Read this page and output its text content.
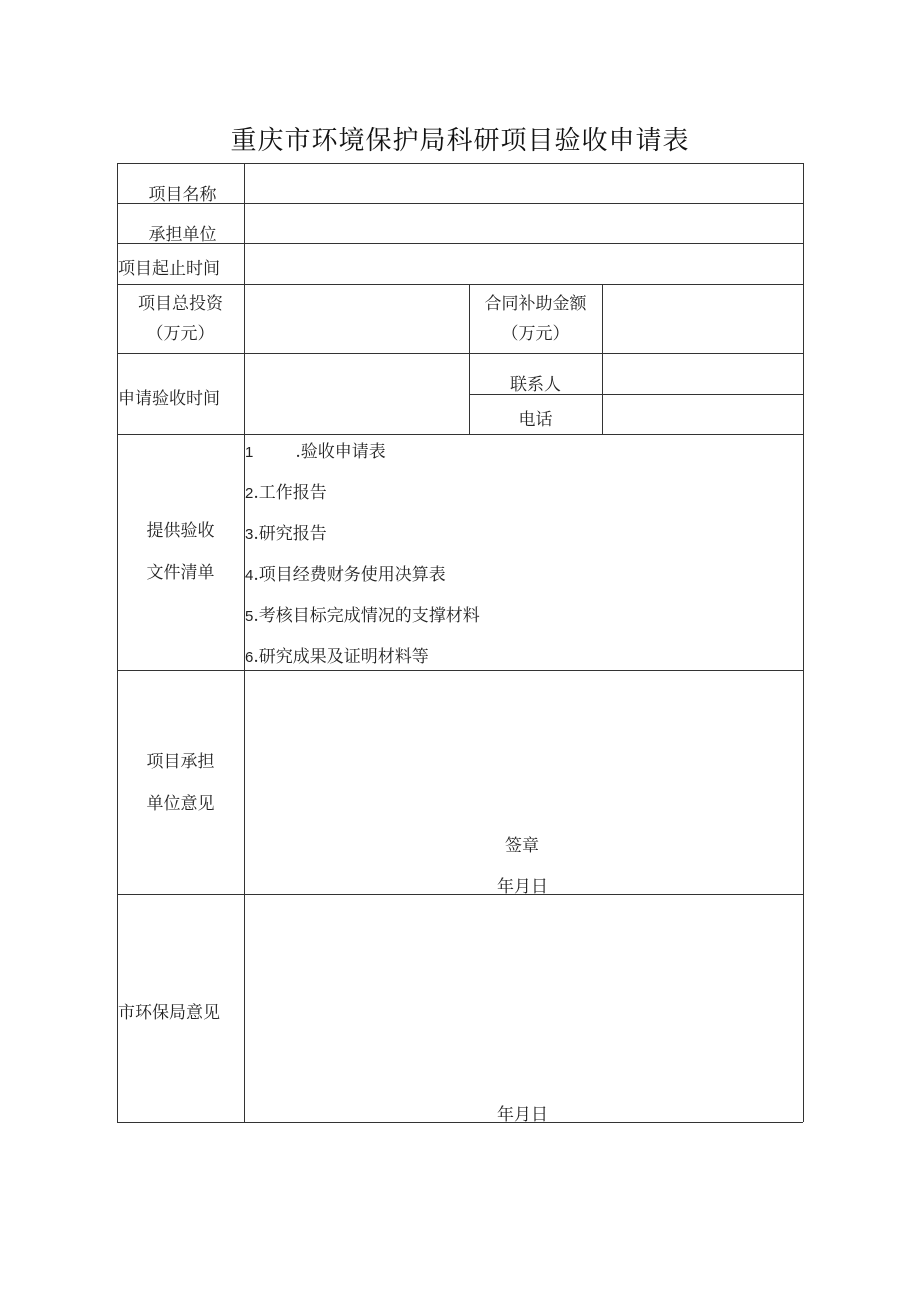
重庆市环境保护局科研项目验收申请表
项目名称
承担单位
项目起止时间
项目总投资
（万元）
合同补助金额
（万元）
申请验收时间
联系人
电话
提供验收
文件清单
1 .验收申请表
2.工作报告
3.研究报告
4.项目经费财务使用决算表
5.考核目标完成情况的支撑材料
6.研究成果及证明材料等
项目承担
单位意见
签章
年月日
市环保局意见
年月日
